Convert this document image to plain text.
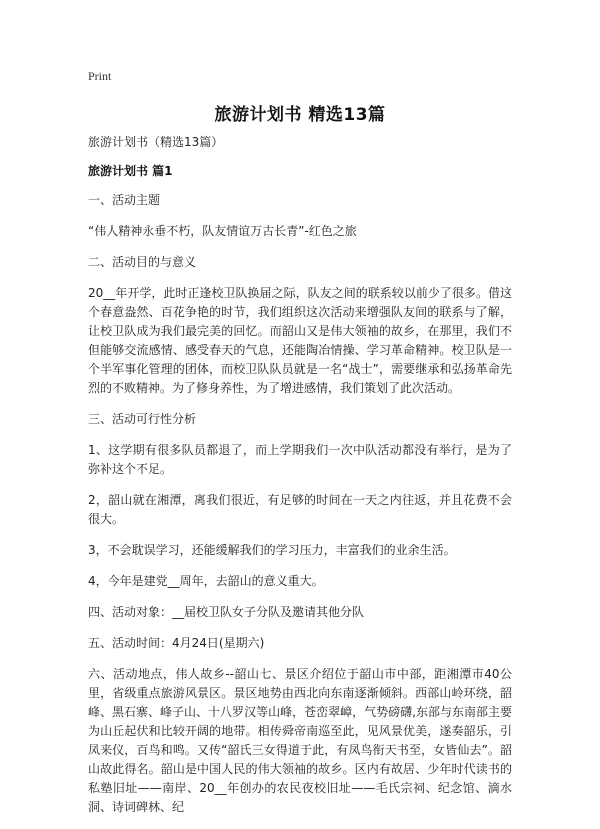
Print
旅游计划书 精选13篇

旅游计划书（精选13篇）

旅游计划书 篇1

一、活动主题

“伟人精神永垂不朽，队友情谊万古长青”-红色之旅

二、活动目的与意义

20__年开学，此时正逢校卫队换届之际，队友之间的联系较以前少了很多。借这个春意盎然、百花争艳的时节，我们组织这次活动来增强队友间的联系与了解，让校卫队成为我们最完美的回忆。而韶山又是伟大领袖的故乡，在那里，我们不但能够交流感情、感受春天的气息，还能陶冶情操、学习革命精神。校卫队是一个半军事化管理的团体，而校卫队队员就是一名“战士”，需要继承和弘扬革命先烈的不败精神。为了修身养性，为了增进感情，我们策划了此次活动。

三、活动可行性分析

1、这学期有很多队员都退了，而上学期我们一次中队活动都没有举行，是为了弥补这个不足。

2，韶山就在湘潭，离我们很近，有足够的时间在一天之内往返，并且花费不会很大。

3，不会耽误学习，还能缓解我们的学习压力，丰富我们的业余生活。

4，今年是建党__周年，去韶山的意义重大。

四、活动对象：__届校卫队女子分队及邀请其他分队

五、活动时间：4月24日(星期六)

六、活动地点，伟人故乡--韶山七、景区介绍位于韶山市中部，距湘潭市40公里，省级重点旅游风景区。景区地势由西北向东南逐渐倾斜。西部山岭环绕，韶峰、黑石寨、峰子山、十八罗汉等山峰，苍峦翠嶂，气势磅礴,东部与东南部主要为山丘起伏和比较开阔的地带。相传舜帝南巡至此，见风景优美，遂奏韶乐，引凤来仪，百鸟和鸣。又传“韶氏三女得道于此，有凤鸟衔天书至，女皆仙去”。韶山故此得名。韶山是中国人民的伟大领袖的故乡。区内有故居、少年时代读书的私塾旧址——南岸、20__年创办的农民夜校旧址——毛氏宗祠、纪念馆、滴水洞、诗词碑林、纪
